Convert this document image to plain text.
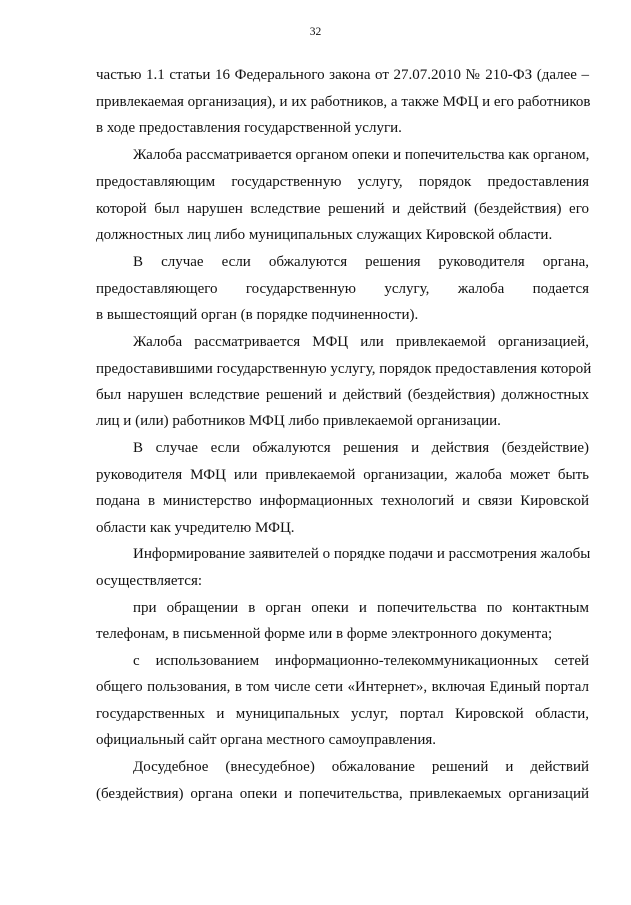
32
частью 1.1 статьи 16 Федерального закона от 27.07.2010 № 210-ФЗ (далее –
привлекаемая организация), и их работников, а также МФЦ и его работников
в ходе предоставления государственной услуги.
Жалоба рассматривается органом опеки и попечительства как органом,
предоставляющим государственную услугу, порядок предоставления
которой был нарушен вследствие решений и действий (бездействия) его
должностных лиц либо муниципальных служащих Кировской области.
В случае если обжалуются решения руководителя органа,
предоставляющего государственную услугу, жалоба подается
в вышестоящий орган (в порядке подчиненности).
Жалоба рассматривается МФЦ или привлекаемой организацией,
предоставившими государственную услугу, порядок предоставления которой
был нарушен вследствие решений и действий (бездействия) должностных
лиц и (или) работников МФЦ либо привлекаемой организации.
В случае если обжалуются решения и действия (бездействие)
руководителя МФЦ или привлекаемой организации, жалоба может быть
подана в министерство информационных технологий и связи Кировской
области как учредителю МФЦ.
Информирование заявителей о порядке подачи и рассмотрения жалобы
осуществляется:
при обращении в орган опеки и попечительства по контактным
телефонам, в письменной форме или в форме электронного документа;
с использованием информационно-телекоммуникационных сетей
общего пользования, в том числе сети «Интернет», включая Единый портал
государственных и муниципальных услуг, портал Кировской области,
официальный сайт органа местного самоуправления.
Досудебное (внесудебное) обжалование решений и действий
(бездействия) органа опеки и попечительства, привлекаемых организаций
